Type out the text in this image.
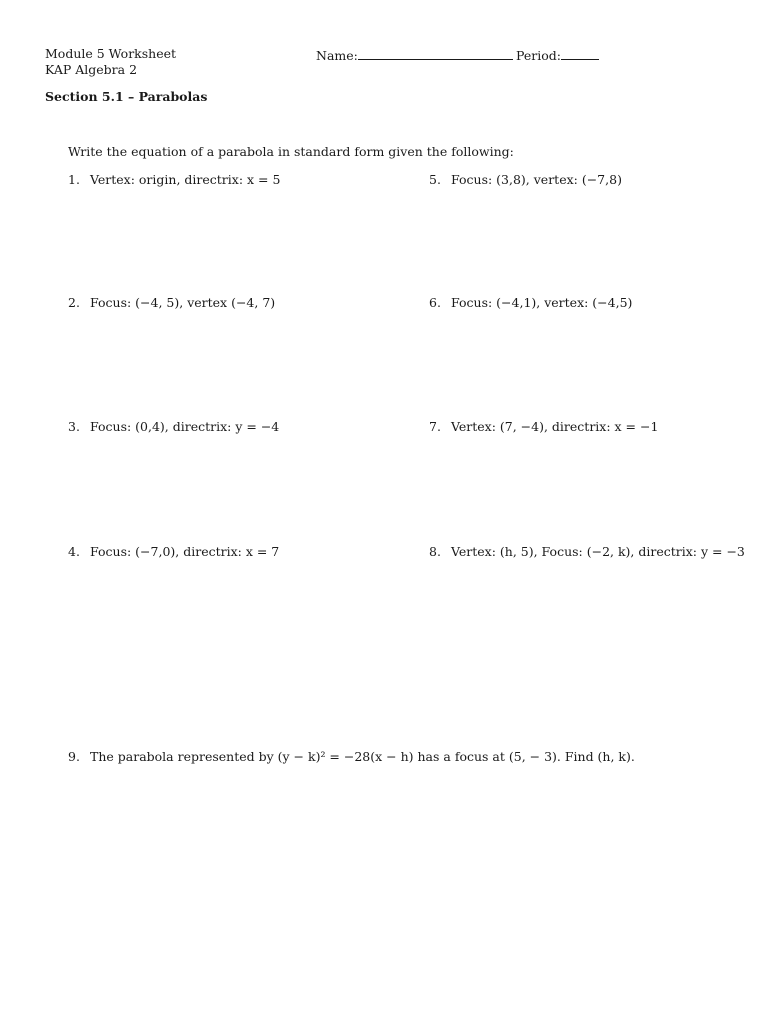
Module 5 Worksheet
KAP Algebra 2
Name:	Period:
Section 5.1 – Parabolas
Write the equation of a parabola in standard form given the following:
1. Vertex: origin, directrix: x = 5
2. Focus: (−4, 5), vertex (−4, 7)
3. Focus: (0,4), directrix: y = −4
4. Focus: (−7,0), directrix: x = 7
5. Focus: (3,8), vertex: (−7,8)
6. Focus: (−4,1), vertex: (−4,5)
7. Vertex: (7, −4), directrix: x = −1
8. Vertex: (h, 5), Focus: (−2, k), directrix: y = −3
9. The parabola represented by (y − k)² = −28(x − h) has a focus at (5, − 3). Find (h, k).
